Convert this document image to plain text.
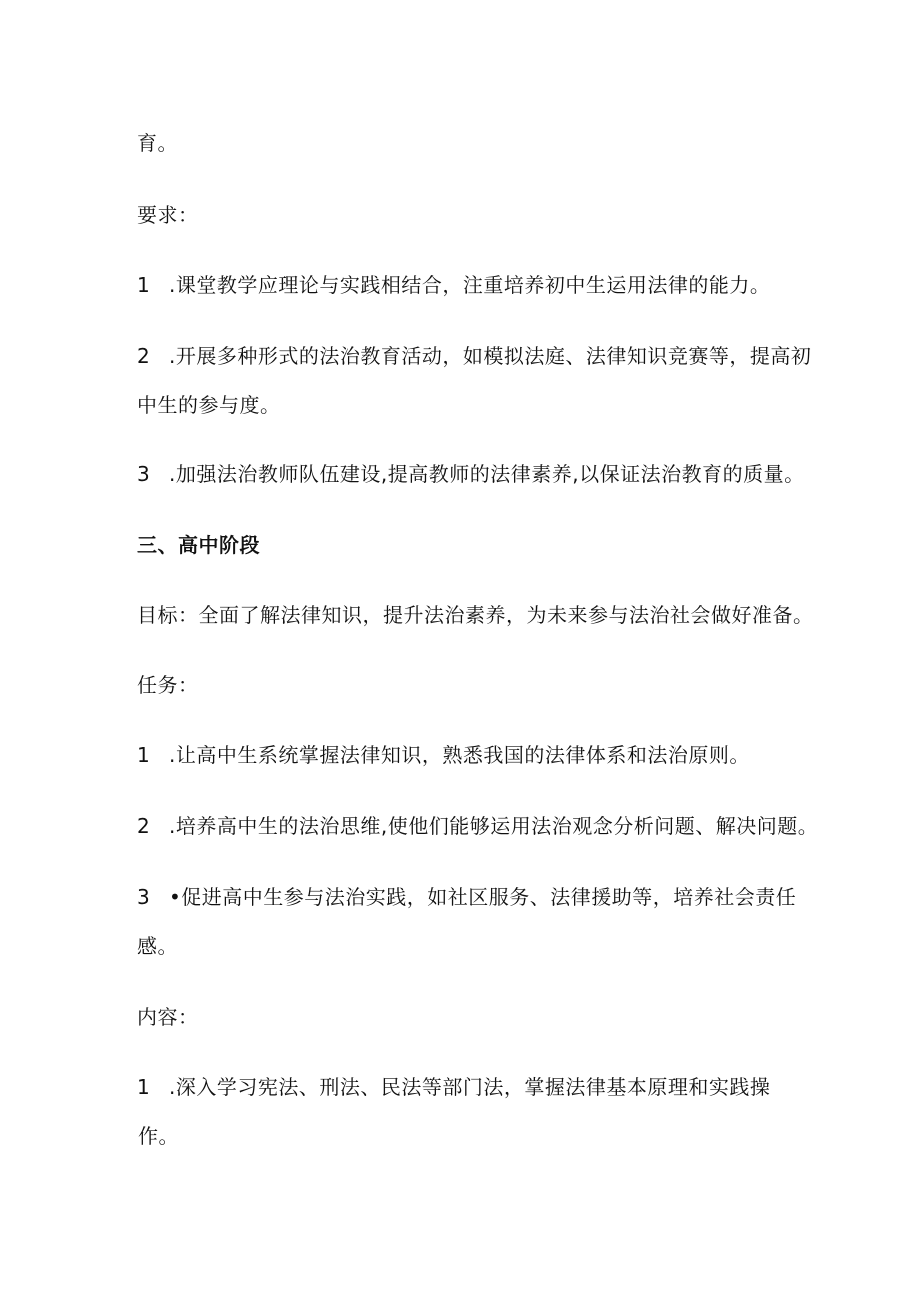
育。
要求：
1 .课堂教学应理论与实践相结合，注重培养初中生运用法律的能力。
2 .开展多种形式的法治教育活动，如模拟法庭、法律知识竞赛等，提高初
中生的参与度。
3 .加强法治教师队伍建设,提高教师的法律素养,以保证法治教育的质量。
三、高中阶段
目标：全面了解法律知识，提升法治素养，为未来参与法治社会做好准备。
任务：
1 .让高中生系统掌握法律知识，熟悉我国的法律体系和法治原则。
2 .培养高中生的法治思维,使他们能够运用法治观念分析问题、解决问题。
3 •促进高中生参与法治实践，如社区服务、法律援助等，培养社会责任
感。
内容：
1 .深入学习宪法、刑法、民法等部门法，掌握法律基本原理和实践操
作。
